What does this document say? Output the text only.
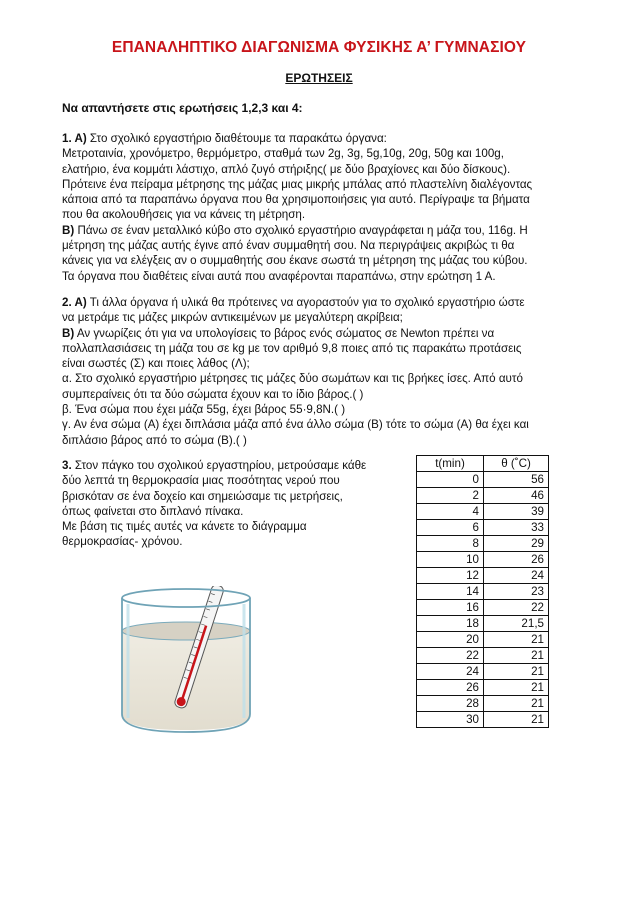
ΕΠΑΝΑΛΗΠΤΙΚΟ ΔΙΑΓΩΝΙΣΜΑ ΦΥΣΙΚΗΣ Α’ ΓΥΜΝΑΣΙΟΥ
ΕΡΩΤΗΣΕΙΣ
Να απαντήσετε στις ερωτήσεις 1,2,3 και 4:
1. Α) Στο σχολικό εργαστήριο διαθέτουμε τα παρακάτω όργανα:
Μετροταινία, χρονόμετρο, θερμόμετρο, σταθμά των 2g, 3g, 5g,10g, 20g, 50g και 100g,
ελατήριο, ένα κομμάτι λάστιχο, απλό ζυγό στήριξης( με δύο βραχίονες και δύο δίσκους).
Πρότεινε ένα πείραμα μέτρησης της μάζας μιας μικρής μπάλας από πλαστελίνη διαλέγοντας
κάποια από τα παραπάνω όργανα που θα χρησιμοποιήσεις για αυτό. Περίγραψε τα βήματα
που θα ακολουθήσεις για να κάνεις τη μέτρηση.
Β) Πάνω σε έναν μεταλλικό κύβο στο σχολικό εργαστήριο αναγράφεται η μάζα του, 116g. Η
μέτρηση της μάζας αυτής έγινε από έναν συμμαθητή σου. Να περιγράψεις ακριβώς τι θα
κάνεις για να ελέγξεις αν ο συμμαθητής σου έκανε σωστά τη μέτρηση της μάζας του κύβου.
Τα όργανα που διαθέτεις είναι αυτά που αναφέρονται παραπάνω, στην ερώτηση 1 Α.
2. Α) Τι άλλα όργανα ή υλικά θα πρότεινες να αγοραστούν για το σχολικό εργαστήριο ώστε
να μετράμε τις μάζες μικρών αντικειμένων με μεγαλύτερη ακρίβεια;
Β) Αν γνωρίζεις ότι για να υπολογίσεις το βάρος ενός σώματος σε Newton πρέπει να
πολλαπλασιάσεις τη μάζα του σε kg με τον αριθμό 9,8 ποιες από τις παρακάτω προτάσεις
είναι σωστές (Σ) και ποιες λάθος (Λ);
α. Στο σχολικό εργαστήριο μέτρησες τις μάζες δύο σωμάτων και τις βρήκες ίσες. Από αυτό
συμπεραίνεις ότι τα δύο σώματα έχουν και το ίδιο βάρος.( )
β. Ένα σώμα που έχει μάζα 55g, έχει βάρος 55·9,8N.( )
γ. Αν ένα σώμα (Α) έχει διπλάσια μάζα από ένα άλλο σώμα (Β) τότε το σώμα (Α) θα έχει και
διπλάσιο βάρος από το σώμα (Β).( )
3. Στον πάγκο του σχολικού εργαστηρίου, μετρούσαμε κάθε
δύο λεπτά τη θερμοκρασία μιας ποσότητας νερού που
βρισκόταν σε ένα δοχείο και σημειώσαμε τις μετρήσεις,
όπως φαίνεται στο διπλανό πίνακα.
Με βάση τις τιμές αυτές να κάνετε το διάγραμμα
θερμοκρασίας- χρόνου.
t(min)	θ (˚C)
0	56
2	46
4	39
6	33
8	29
10	26
12	24
14	23
16	22
18	21,5
20	21
22	21
24	21
26	21
28	21
30	21
